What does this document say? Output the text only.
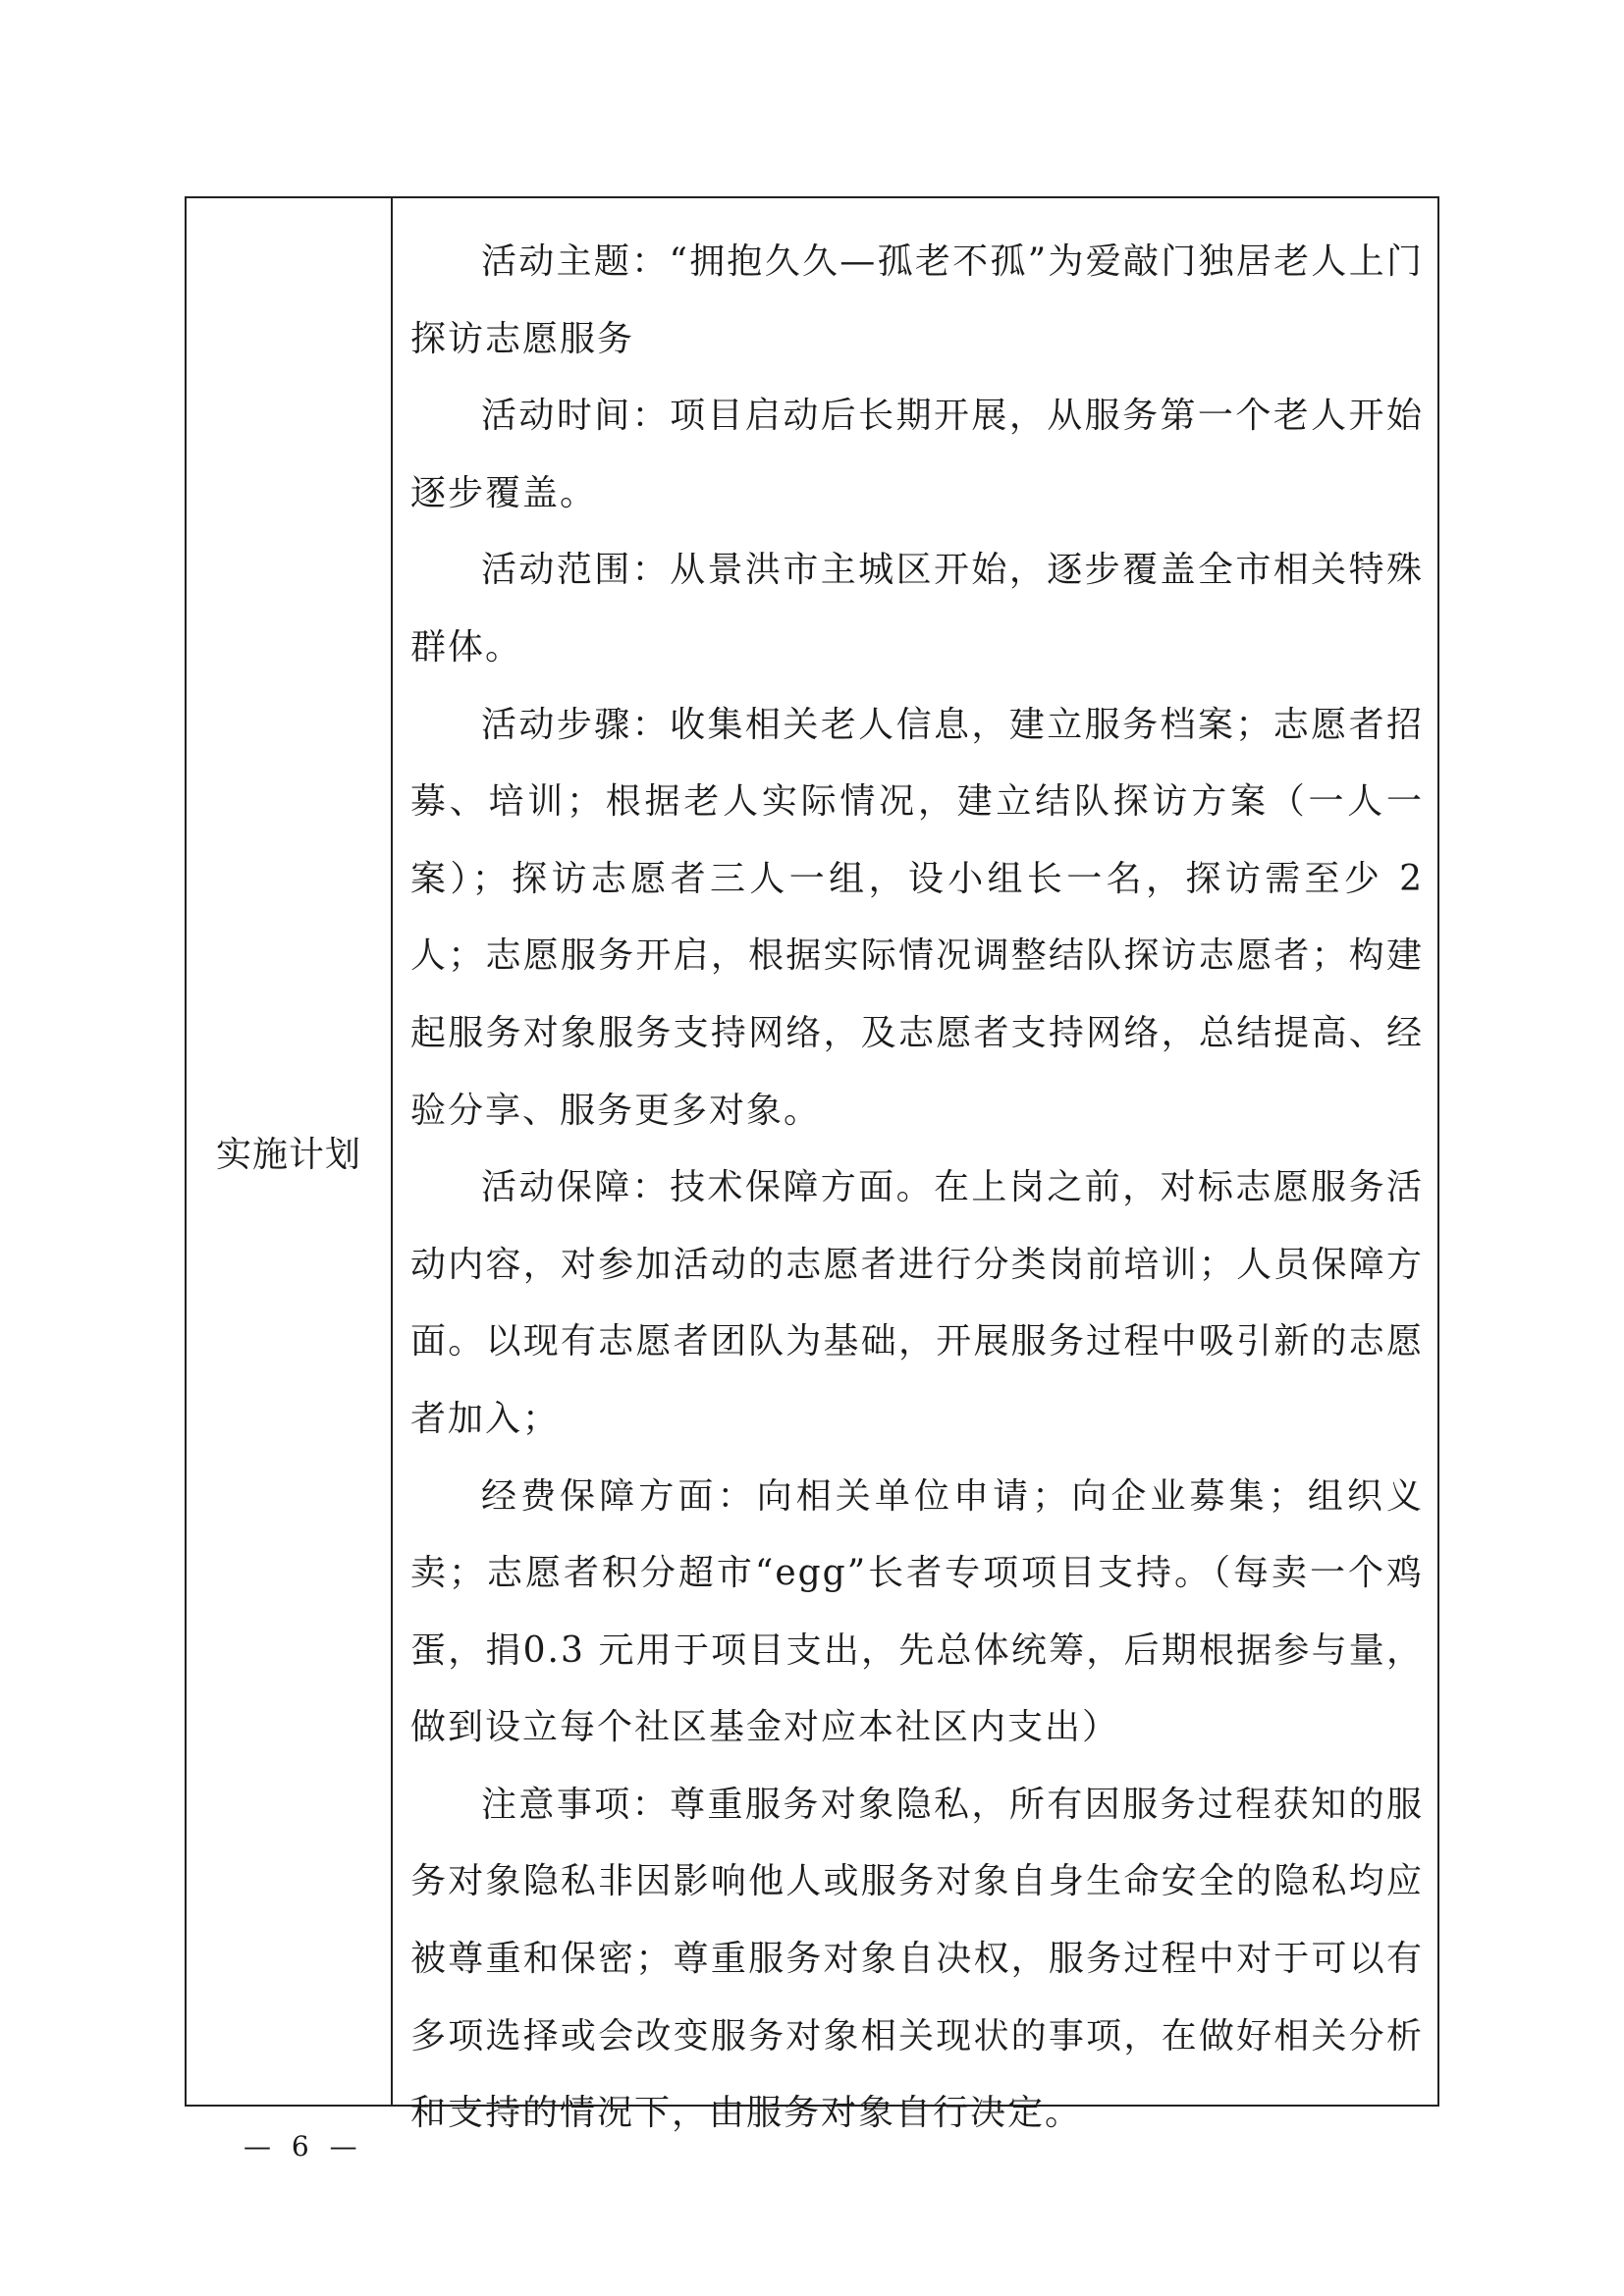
实施计划

活动主题：“拥抱久久—孤老不孤”为爱敲门独居老人上门探访志愿服务

活动时间：项目启动后长期开展，从服务第一个老人开始逐步覆盖。

活动范围：从景洪市主城区开始，逐步覆盖全市相关特殊群体。

活动步骤：收集相关老人信息，建立服务档案；志愿者招募、培训；根据老人实际情况，建立结队探访方案（一人一案）；探访志愿者三人一组，设小组长一名，探访需至少 2 人；志愿服务开启，根据实际情况调整结队探访志愿者；构建起服务对象服务支持网络，及志愿者支持网络，总结提高、经验分享、服务更多对象。

活动保障：技术保障方面。在上岗之前，对标志愿服务活动内容，对参加活动的志愿者进行分类岗前培训；人员保障方面。以现有志愿者团队为基础，开展服务过程中吸引新的志愿者加入；

经费保障方面：向相关单位申请；向企业募集；组织义卖；志愿者积分超市“egg”长者专项项目支持。（每卖一个鸡蛋，捐0.3 元用于项目支出，先总体统筹，后期根据参与量，做到设立每个社区基金对应本社区内支出）

注意事项：尊重服务对象隐私，所有因服务过程获知的服务对象隐私非因影响他人或服务对象自身生命安全的隐私均应被尊重和保密；尊重服务对象自决权，服务过程中对于可以有多项选择或会改变服务对象相关现状的事项，在做好相关分析和支持的情况下，由服务对象自行决定。

— 6 —
